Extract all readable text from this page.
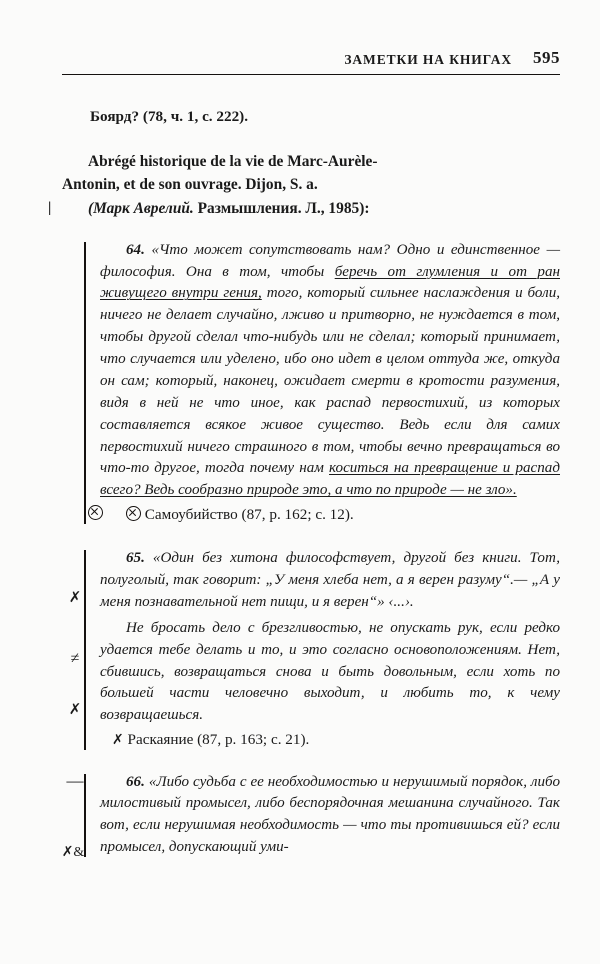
ЗАМЕТКИ НА КНИГАХ	595

Боярд? (78, ч. 1, с. 222).

Abrégé historique de la vie de Marc-Aurèle-
Antonin, et de son ouvrage. Dijon, S. a.
| (Марк Аврелий. Размышления. Л., 1985):

64. «Что может сопутствовать нам? Одно и единственное — философия. Она в том, чтобы беречь от глумления и от ран живущего внутри гения, того, который сильнее наслаждения и боли, ничего не делает случайно, лживо и притворно, не нуждается в том, чтобы другой сделал что-нибудь или не сделал; который принимает, что случается или уделено, ибо оно идет в целом оттуда же, откуда он сам; который, наконец, ожидает смерти в кротости разумения, видя в ней не что иное, как распад первостихий, из которых составляется всякое живое существо. Ведь если для самих первостихий ничего страшного в том, чтобы вечно превращаться во что-то другое, тогда почему нам коситься на превращение и распад всего? Ведь сообразно природе это, а что по природе — не зло».

Самоубийство (87, p. 162; с. 12).

65. «Один без хитона философствует, другой без книги. Тот, полуголый, так говорит: „У меня хлеба нет, а я верен разуму“.— „А у меня познавательной нет пищи, и я верен“» ‹...›.

✗
≠
✗

Не бросать дело с брезгливостью, не опускать рук, если редко удается тебе делать и то, и это согласно основоположениям. Нет, сбившись, возвращаться снова и быть довольным, если хоть по большей части человечно выходит, и любить то, к чему возвращаешься.

✗ Раскаяние (87, p. 163; с. 21).
—
✗&

66. «Либо судьба с ее необходимостью и нерушимый порядок, либо милостивый промысел, либо беспорядочная мешанина случайного. Так вот, если нерушимая необходимость — что ты противишься ей? если промысел, допускающий уми-
